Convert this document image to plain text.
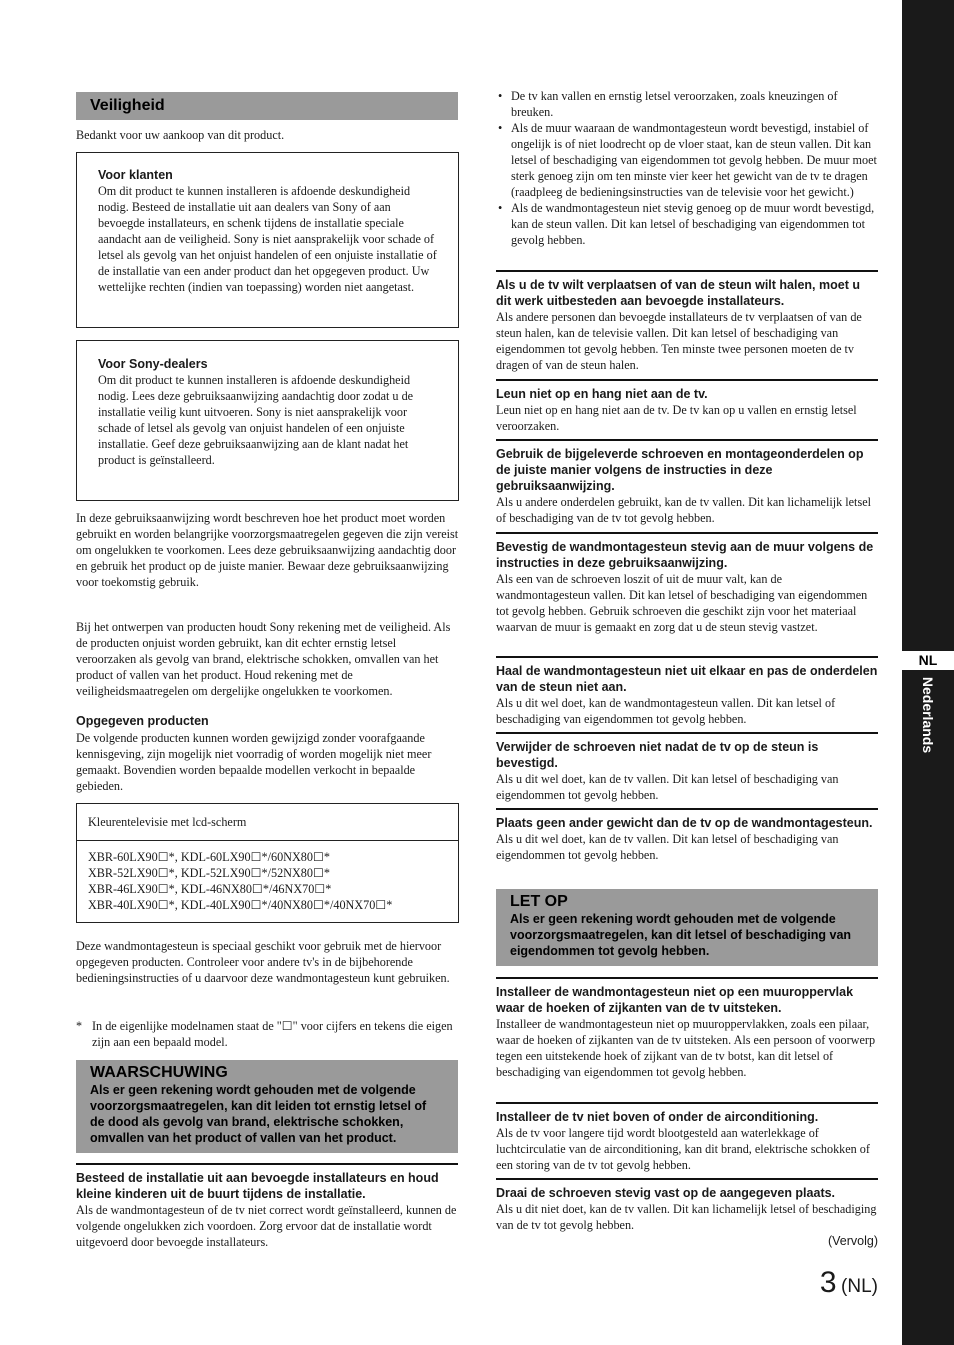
NL
Nederlands
Veiligheid

Bedankt voor uw aankoop van dit product.

Voor klanten

Om dit product te kunnen installeren is afdoende deskundigheid nodig. Besteed de installatie uit aan dealers van Sony of aan bevoegde installateurs, en schenk tijdens de installatie speciale aandacht aan de veiligheid. Sony is niet aansprakelijk voor schade of letsel als gevolg van het onjuist handelen of een onjuiste installatie of de installatie van een ander product dan het opgegeven product. Uw wettelijke rechten (indien van toepassing) worden niet aangetast.

Voor Sony-dealers

Om dit product te kunnen installeren is afdoende deskundigheid nodig. Lees deze gebruiksaanwijzing aandachtig door zodat u de installatie veilig kunt uitvoeren. Sony is niet aansprakelijk voor schade of letsel als gevolg van onjuist handelen of een onjuiste installatie. Geef deze gebruiksaanwijzing aan de klant nadat het product is geïnstalleerd.

In deze gebruiksaanwijzing wordt beschreven hoe het product moet worden gebruikt en worden belangrijke voorzorgsmaatregelen gegeven die zijn vereist om ongelukken te voorkomen. Lees deze gebruiksaanwijzing aandachtig door en gebruik het product op de juiste manier. Bewaar deze gebruiksaanwijzing voor toekomstig gebruik.

Bij het ontwerpen van producten houdt Sony rekening met de veiligheid. Als de producten onjuist worden gebruikt, kan dit echter ernstig letsel veroorzaken als gevolg van brand, elektrische schokken, omvallen van het product of vallen van het product. Houd rekening met de veiligheidsmaatregelen om dergelijke ongelukken te voorkomen.

Opgegeven producten

De volgende producten kunnen worden gewijzigd zonder voorafgaande kennisgeving, zijn mogelijk niet voorradig of worden mogelijk niet meer gemaakt. Bovendien worden bepaalde modellen verkocht in bepaalde gebieden.

Kleurentelevisie met lcd-scherm
XBR-60LX90☐*, KDL-60LX90☐*/60NX80☐*
XBR-52LX90☐*, KDL-52LX90☐*/52NX80☐*
XBR-46LX90☐*, KDL-46NX80☐*/46NX70☐*
XBR-40LX90☐*, KDL-40LX90☐*/40NX80☐*/40NX70☐*

Deze wandmontagesteun is speciaal geschikt voor gebruik met de hiervoor opgegeven producten. Controleer voor andere tv's in de bijbehorende bedieningsinstructies of u daarvoor deze wandmontagesteun kunt gebruiken.

* In de eigenlijke modelnamen staat de "☐" voor cijfers en tekens die eigen zijn aan een bepaald model.

WAARSCHUWING
Als er geen rekening wordt gehouden met de volgende voorzorgsmaatregelen, kan dit leiden tot ernstig letsel of de dood als gevolg van brand, elektrische schokken, omvallen van het product of vallen van het product.
Besteed de installatie uit aan bevoegde installateurs en houd kleine kinderen uit de buurt tijdens de installatie.

Als de wandmontagesteun of de tv niet correct wordt geïnstalleerd, kunnen de volgende ongelukken zich voordoen. Zorg ervoor dat de installatie wordt uitgevoerd door bevoegde installateurs.

• De tv kan vallen en ernstig letsel veroorzaken, zoals kneuzingen of breuken.
• Als de muur waaraan de wandmontagesteun wordt bevestigd, instabiel of ongelijk is of niet loodrecht op de vloer staat, kan de steun vallen. Dit kan letsel of beschadiging van eigendommen tot gevolg hebben. De muur moet sterk genoeg zijn om ten minste vier keer het gewicht van de tv te dragen (raadpleeg de bedieningsinstructies van de televisie voor het gewicht.)
• Als de wandmontagesteun niet stevig genoeg op de muur wordt bevestigd, kan de steun vallen. Dit kan letsel of beschadiging van eigendommen tot gevolg hebben.
Als u de tv wilt verplaatsen of van de steun wilt halen, moet u dit werk uitbesteden aan bevoegde installateurs.

Als andere personen dan bevoegde installateurs de tv verplaatsen of van de steun halen, kan de televisie vallen. Dit kan letsel of beschadiging van eigendommen tot gevolg hebben. Ten minste twee personen moeten de tv dragen of van de steun halen.

Leun niet op en hang niet aan de tv.

Leun niet op en hang niet aan de tv. De tv kan op u vallen en ernstig letsel veroorzaken.

Gebruik de bijgeleverde schroeven en montageonderdelen op de juiste manier volgens de instructies in deze gebruiksaanwijzing.

Als u andere onderdelen gebruikt, kan de tv vallen. Dit kan lichamelijk letsel of beschadiging van de tv tot gevolg hebben.

Bevestig de wandmontagesteun stevig aan de muur volgens de instructies in deze gebruiksaanwijzing.

Als een van de schroeven loszit of uit de muur valt, kan de wandmontagesteun vallen. Dit kan letsel of beschadiging van eigendommen tot gevolg hebben. Gebruik schroeven die geschikt zijn voor het materiaal waarvan de muur is gemaakt en zorg dat u de steun stevig vastzet.

Haal de wandmontagesteun niet uit elkaar en pas de onderdelen van de steun niet aan.

Als u dit wel doet, kan de wandmontagesteun vallen. Dit kan letsel of beschadiging van eigendommen tot gevolg hebben.

Verwijder de schroeven niet nadat de tv op de steun is bevestigd.

Als u dit wel doet, kan de tv vallen. Dit kan letsel of beschadiging van eigendommen tot gevolg hebben.

Plaats geen ander gewicht dan de tv op de wandmontagesteun.

Als u dit wel doet, kan de tv vallen. Dit kan letsel of beschadiging van eigendommen tot gevolg hebben.

LET OP
Als er geen rekening wordt gehouden met de volgende voorzorgsmaatregelen, kan dit letsel of beschadiging van eigendommen tot gevolg hebben.
Installeer de wandmontagesteun niet op een muuroppervlak waar de hoeken of zijkanten van de tv uitsteken.

Installeer de wandmontagesteun niet op muuroppervlakken, zoals een pilaar, waar de hoeken of zijkanten van de tv uitsteken. Als een persoon of voorwerp tegen een uitstekende hoek of zijkant van de tv botst, kan dit letsel of beschadiging van eigendommen tot gevolg hebben.

Installeer de tv niet boven of onder de airconditioning.

Als de tv voor langere tijd wordt blootgesteld aan waterlekkage of luchtcirculatie van de airconditioning, kan dit brand, elektrische schokken of een storing van de tv tot gevolg hebben.

Draai de schroeven stevig vast op de aangegeven plaats.

Als u dit niet doet, kan de tv vallen. Dit kan lichamelijk letsel of beschadiging van de tv tot gevolg hebben.

(Vervolg)
3 (NL)
